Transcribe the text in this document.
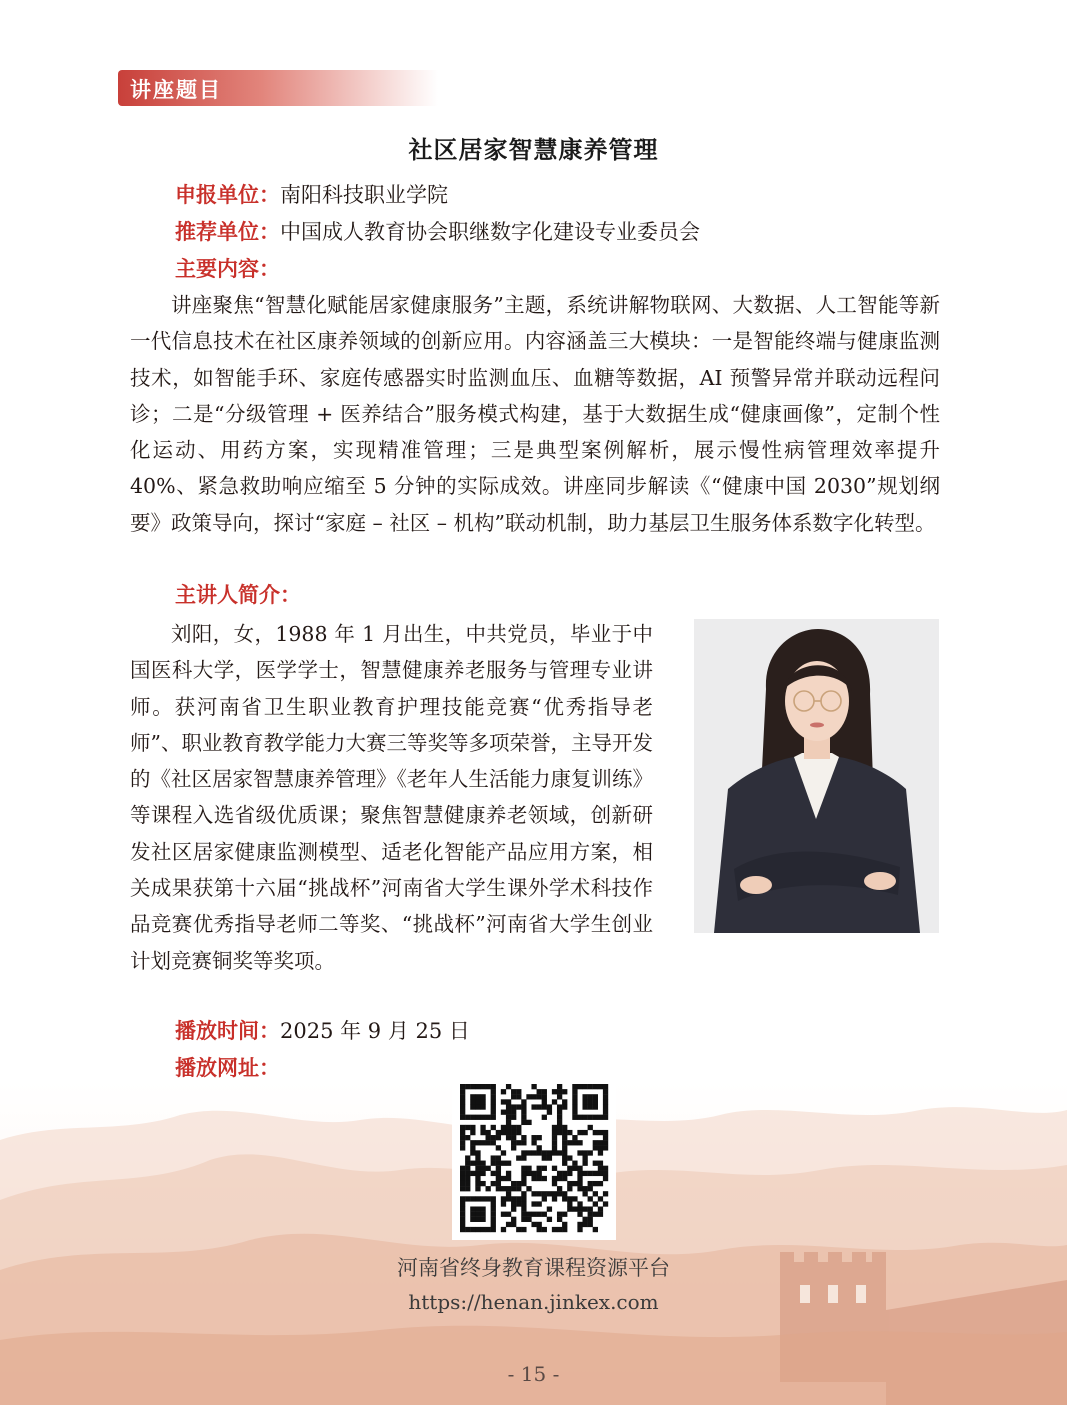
讲座题目
社区居家智慧康养管理
申报单位：南阳科技职业学院
推荐单位：中国成人教育协会职继数字化建设专业委员会
主要内容：

讲座聚焦“智慧化赋能居家健康服务”主题，系统讲解物联网、大数据、人工智能等新一代信息技术在社区康养领域的创新应用。内容涵盖三大模块：一是智能终端与健康监测技术，如智能手环、家庭传感器实时监测血压、血糖等数据，AI 预警异常并联动远程问诊；二是“分级管理 + 医养结合”服务模式构建，基于大数据生成“健康画像”，定制个性化运动、用药方案，实现精准管理；三是典型案例解析，展示慢性病管理效率提升 40%、紧急救助响应缩至 5 分钟的实际成效。讲座同步解读《“健康中国 2030”规划纲要》政策导向，探讨“家庭 – 社区 – 机构”联动机制，助力基层卫生服务体系数字化转型。

主讲人简介：

刘阳，女，1988 年 1 月出生，中共党员，毕业于中国医科大学，医学学士，智慧健康养老服务与管理专业讲师。获河南省卫生职业教育护理技能竞赛“优秀指导老师”、职业教育教学能力大赛三等奖等多项荣誉，主导开发的《社区居家智慧康养管理》《老年人生活能力康复训练》等课程入选省级优质课；聚焦智慧健康养老领域，创新研发社区居家健康监测模型、适老化智能产品应用方案，相关成果获第十六届“挑战杯”河南省大学生课外学术科技作品竞赛优秀指导老师二等奖、“挑战杯”河南省大学生创业计划竞赛铜奖等奖项。

播放时间：2025 年 9 月 25 日
播放网址：
河南省终身教育课程资源平台
https://henan.jinkex.com
- 15 -
